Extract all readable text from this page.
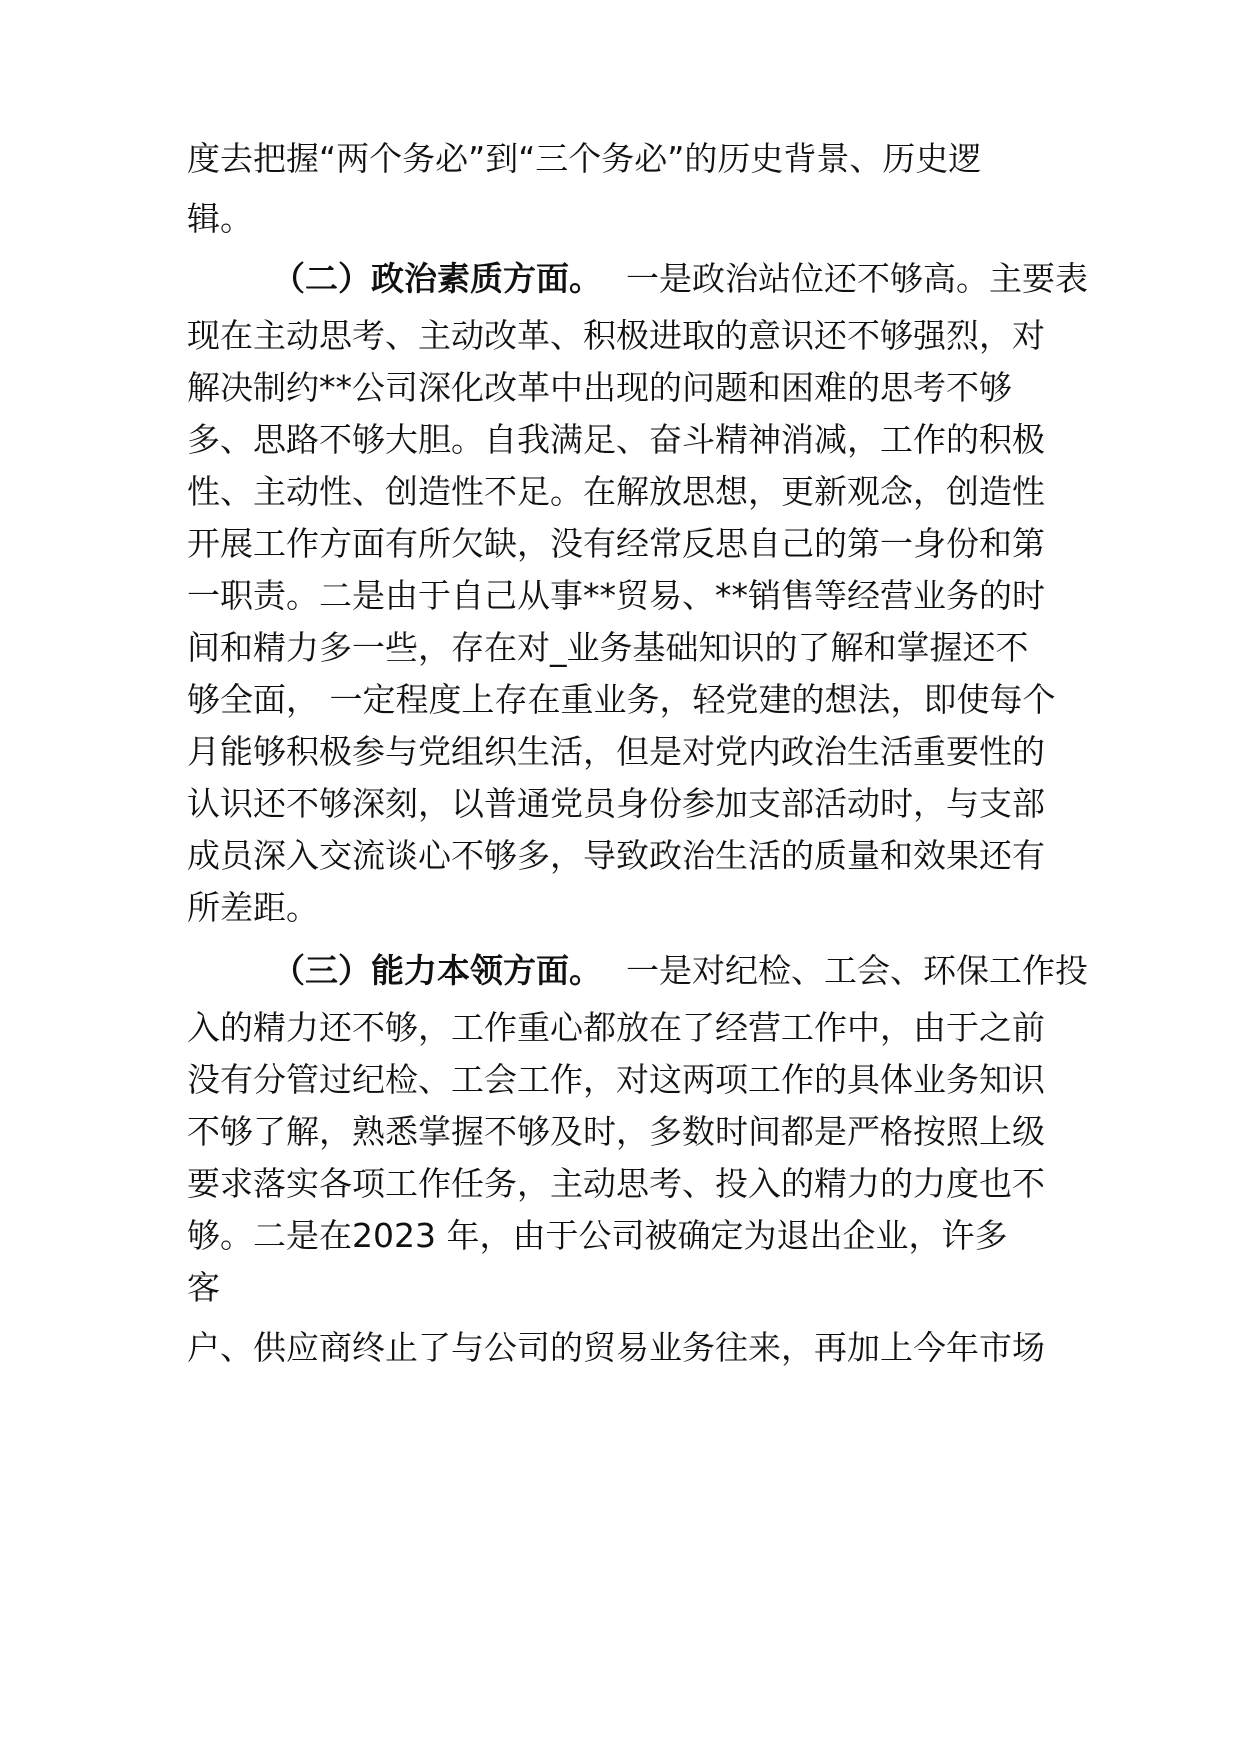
度去把握“两个务必”到“三个务必”的历史背景、历史逻
辑。
（二）政治素质方面。 一是政治站位还不够高。主要表
现在主动思考、主动改革、积极进取的意识还不够强烈，对
解决制约**公司深化改革中出现的问题和困难的思考不够
多、思路不够大胆。自我满足、奋斗精神消减，工作的积极
性、主动性、创造性不足。在解放思想，更新观念，创造性
开展工作方面有所欠缺，没有经常反思自己的第一身份和第
一职责。二是由于自己从事**贸易、**销售等经营业务的时
间和精力多一些，存在对_业务基础知识的了解和掌握还不
够全面， 一定程度上存在重业务，轻党建的想法，即使每个
月能够积极参与党组织生活，但是对党内政治生活重要性的
认识还不够深刻，以普通党员身份参加支部活动时，与支部
成员深入交流谈心不够多，导致政治生活的质量和效果还有
所差距。
（三）能力本领方面。 一是对纪检、工会、环保工作投
入的精力还不够，工作重心都放在了经营工作中，由于之前
没有分管过纪检、工会工作，对这两项工作的具体业务知识
不够了解，熟悉掌握不够及时，多数时间都是严格按照上级
要求落实各项工作任务，主动思考、投入的精力的力度也不
够。二是在2023 年，由于公司被确定为退出企业，许多
客
户、供应商终止了与公司的贸易业务往来，再加上今年市场
